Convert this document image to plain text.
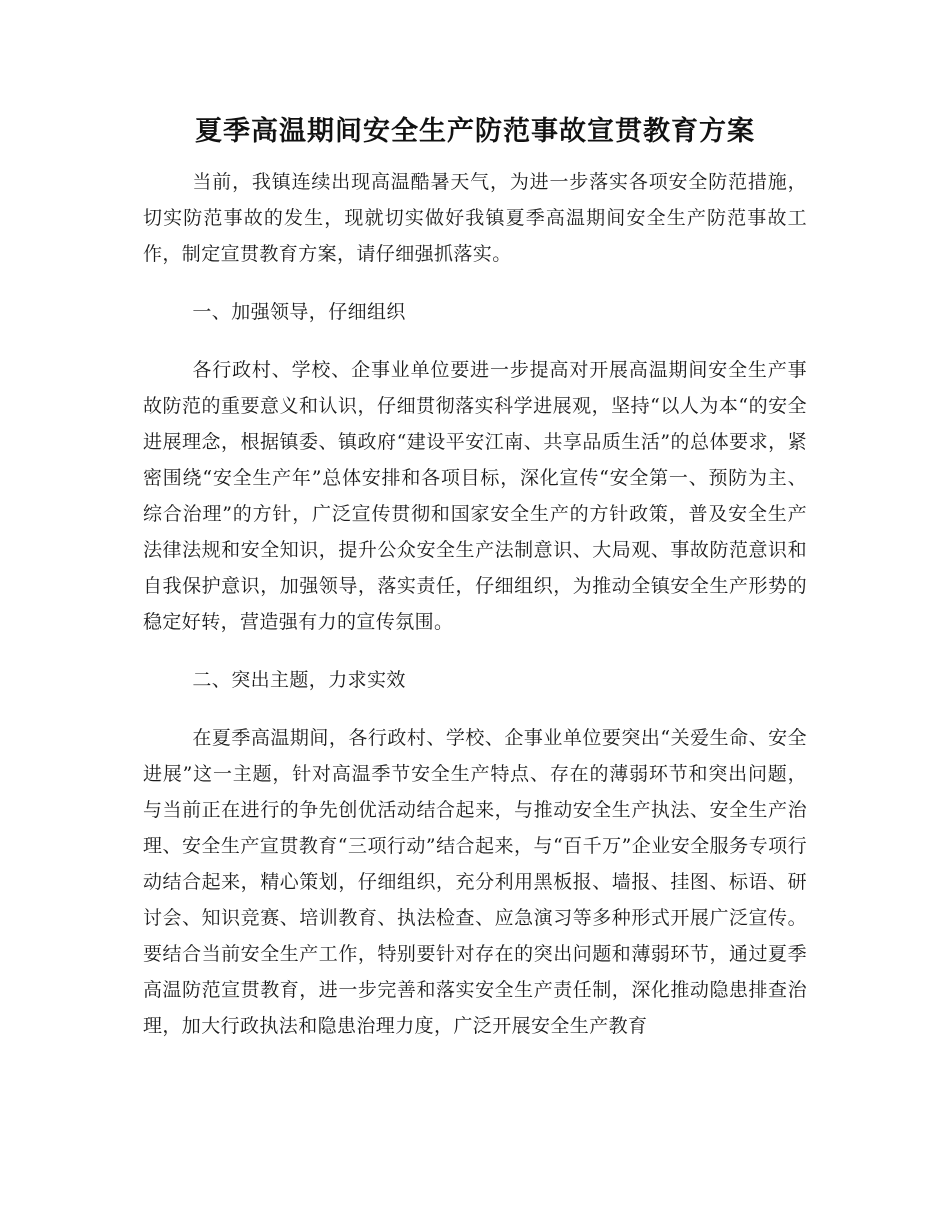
夏季高温期间安全生产防范事故宣贯教育方案

当前，我镇连续出现高温酷暑天气，为进一步落实各项安全防范措施，切实防范事故的发生，现就切实做好我镇夏季高温期间安全生产防范事故工作，制定宣贯教育方案，请仔细强抓落实。

一、加强领导，仔细组织

各行政村、学校、企事业单位要进一步提高对开展高温期间安全生产事故防范的重要意义和认识，仔细贯彻落实科学进展观，坚持“以人为本“的安全进展理念，根据镇委、镇政府“建设平安江南、共享品质生活”的总体要求，紧密围绕“安全生产年”总体安排和各项目标，深化宣传“安全第一、预防为主、综合治理”的方针，广泛宣传贯彻和国家安全生产的方针政策，普及安全生产法律法规和安全知识，提升公众安全生产法制意识、大局观、事故防范意识和自我保护意识，加强领导，落实责任，仔细组织，为推动全镇安全生产形势的稳定好转，营造强有力的宣传氛围。

二、突出主题，力求实效

在夏季高温期间，各行政村、学校、企事业单位要突出“关爱生命、安全进展”这一主题，针对高温季节安全生产特点、存在的薄弱环节和突出问题，与当前正在进行的争先创优活动结合起来，与推动安全生产执法、安全生产治理、安全生产宣贯教育“三项行动”结合起来，与“百千万”企业安全服务专项行动结合起来，精心策划，仔细组织，充分利用黑板报、墙报、挂图、标语、研讨会、知识竞赛、培训教育、执法检查、应急演习等多种形式开展广泛宣传。要结合当前安全生产工作，特别要针对存在的突出问题和薄弱环节，通过夏季高温防范宣贯教育，进一步完善和落实安全生产责任制，深化推动隐患排查治理，加大行政执法和隐患治理力度，广泛开展安全生产教育
